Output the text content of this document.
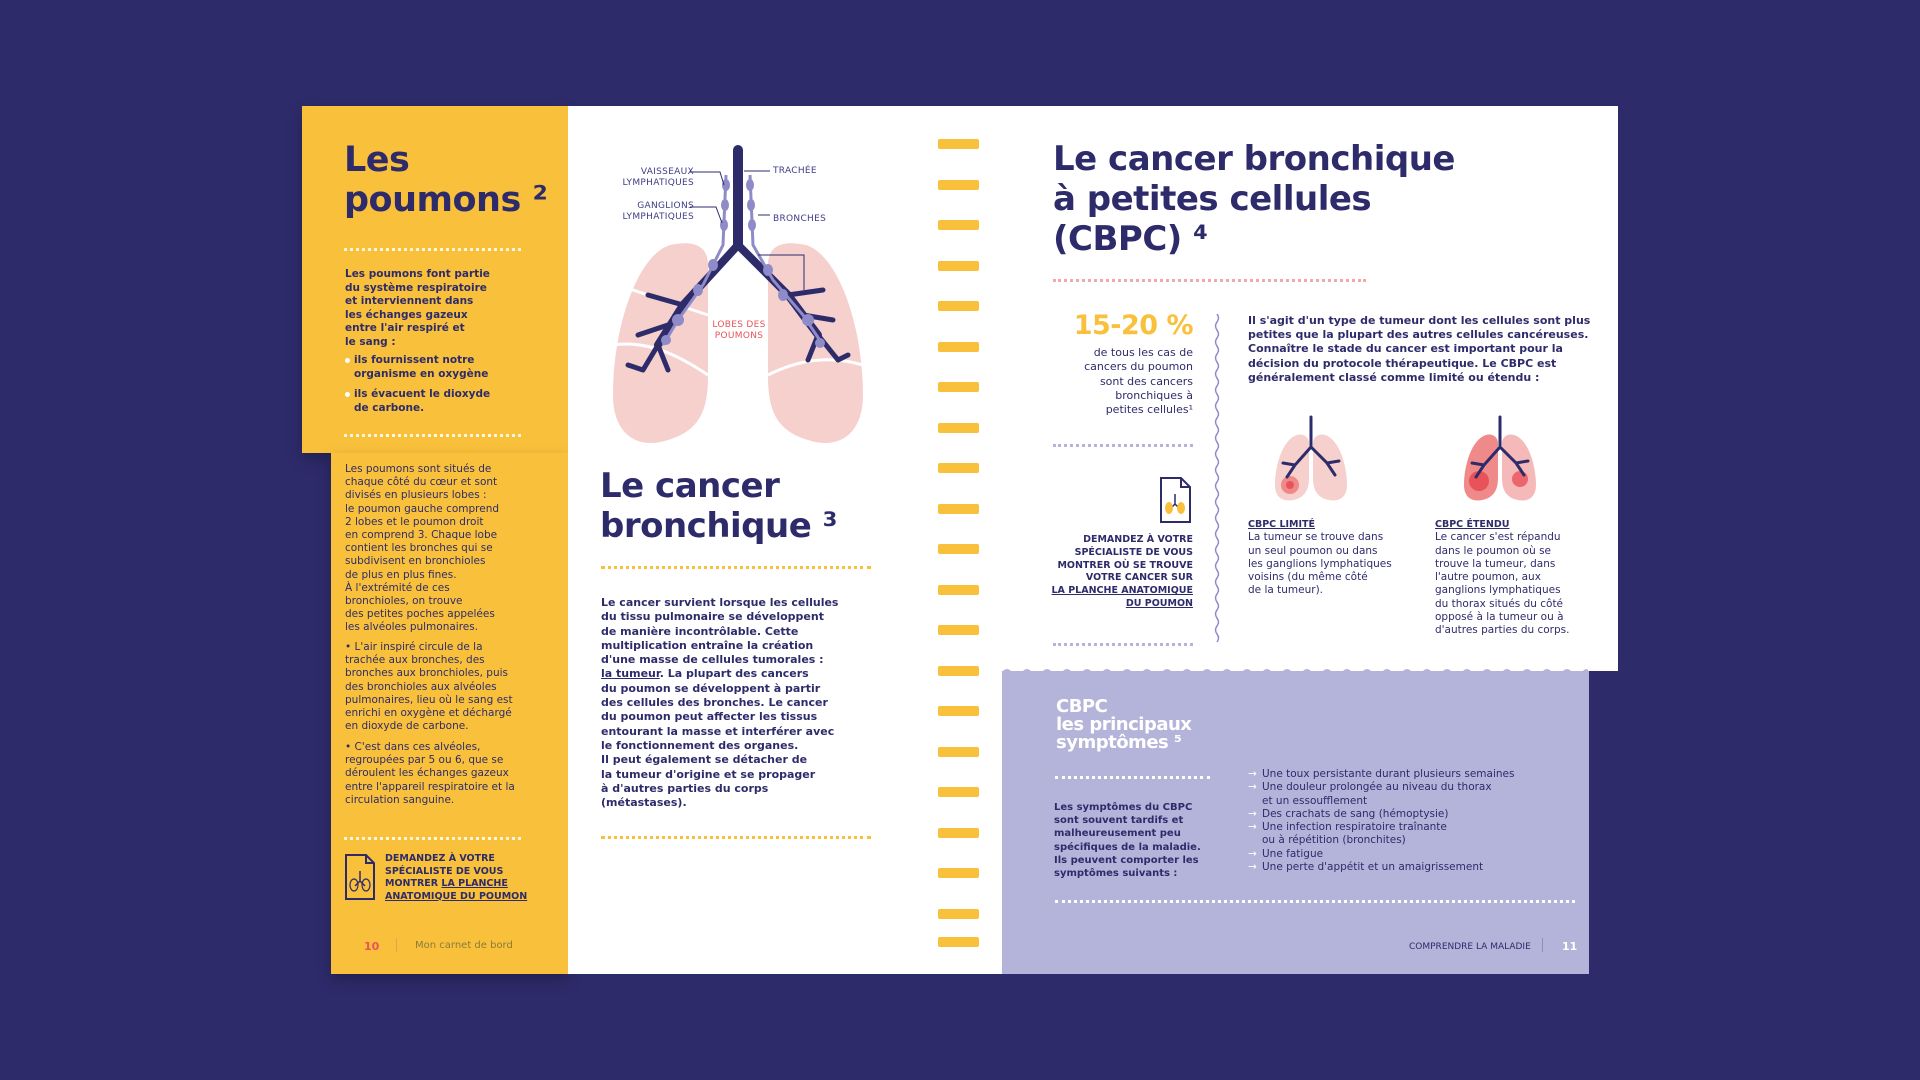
Les
poumons ²
Les poumons font partie
du système respiratoire
et interviennent dans
les échanges gazeux
entre l'air respiré et
le sang :
ils fournissent notre
organisme en oxygène
ils évacuent le dioxyde
de carbone.
Les poumons sont situés de
chaque côté du cœur et sont
divisés en plusieurs lobes :
le poumon gauche comprend
2 lobes et le poumon droit
en comprend 3. Chaque lobe
contient les bronches qui se
subdivisent en bronchioles
de plus en plus fines.
À l'extrémité de ces
bronchioles, on trouve
des petites poches appelées
les alvéoles pulmonaires.
• L'air inspiré circule de la
trachée aux bronches, des
bronches aux bronchioles, puis
des bronchioles aux alvéoles
pulmonaires, lieu où le sang est
enrichi en oxygène et déchargé
en dioxyde de carbone.
• C'est dans ces alvéoles,
regroupées par 5 ou 6, que se
déroulent les échanges gazeux
entre l'appareil respiratoire et la
circulation sanguine.
DEMANDEZ À VOTRE
SPÉCIALISTE DE VOUS
MONTRER LA PLANCHE
ANATOMIQUE DU POUMON
10	Mon carnet de bord
VAISSEAUX
LYMPHATIQUES
GANGLIONS
LYMPHATIQUES
TRACHÉE
BRONCHES
LOBES DES
POUMONS
Le cancer
bronchique ³
Le cancer survient lorsque les cellules
du tissu pulmonaire se développent
de manière incontrôlable. Cette
multiplication entraîne la création
d'une masse de cellules tumorales :
la tumeur. La plupart des cancers
du poumon se développent à partir
des cellules des bronches. Le cancer
du poumon peut affecter les tissus
entourant la masse et interférer avec
le fonctionnement des organes.
Il peut également se détacher de
la tumeur d'origine et se propager
à d'autres parties du corps
(métastases).
Le cancer bronchique
à petites cellules
(CBPC) ⁴
15-20 %
de tous les cas de
cancers du poumon
sont des cancers
bronchiques à
petites cellules¹
DEMANDEZ À VOTRE
SPÉCIALISTE DE VOUS
MONTRER OÙ SE TROUVE
VOTRE CANCER SUR
LA PLANCHE ANATOMIQUE
DU POUMON
Il s'agit d'un type de tumeur dont les cellules sont plus
petites que la plupart des autres cellules cancéreuses.
Connaître le stade du cancer est important pour la
décision du protocole thérapeutique. Le CBPC est
généralement classé comme limité ou étendu :
CBPC LIMITÉ
La tumeur se trouve dans
un seul poumon ou dans
les ganglions lymphatiques
voisins (du même côté
de la tumeur).
CBPC ÉTENDU
Le cancer s'est répandu
dans le poumon où se
trouve la tumeur, dans
l'autre poumon, aux
ganglions lymphatiques
du thorax situés du côté
opposé à la tumeur ou à
d'autres parties du corps.
CBPC
les principaux
symptômes ⁵
Les symptômes du CBPC
sont souvent tardifs et
malheureusement peu
spécifiques de la maladie.
Ils peuvent comporter les
symptômes suivants :
→ Une toux persistante durant plusieurs semaines
→ Une douleur prolongée au niveau du thorax
et un essoufflement
→ Des crachats de sang (hémoptysie)
→ Une infection respiratoire traînante
ou à répétition (bronchites)
→ Une fatigue
→ Une perte d'appétit et un amaigrissement
COMPRENDRE LA MALADIE	11
